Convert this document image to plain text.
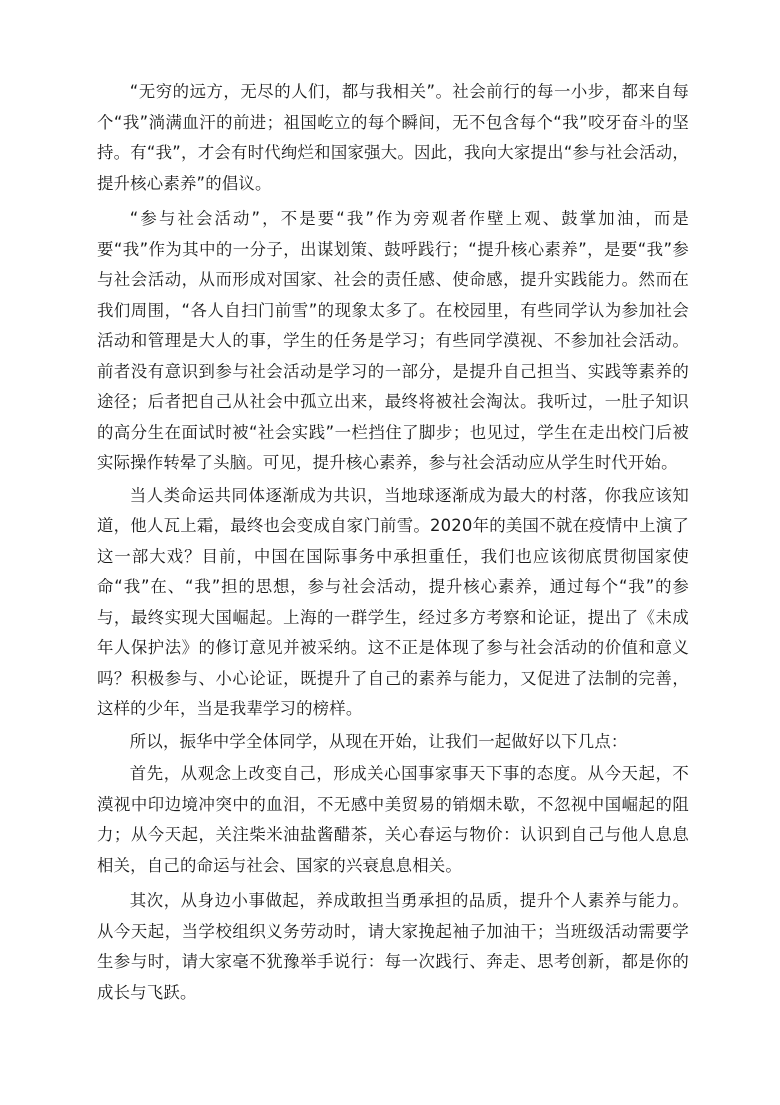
“无穷的远方，无尽的人们，都与我相关”。社会前行的每一小步，都来自每个“我”淌满血汗的前进；祖国屹立的每个瞬间，无不包含每个“我”咬牙奋斗的坚持。有“我”，才会有时代绚烂和国家强大。因此，我向大家提出“参与社会活动，提升核心素养”的倡议。

“参与社会活动”，不是要“我”作为旁观者作壁上观、鼓掌加油，而是要“我”作为其中的一分子，出谋划策、鼓呼践行；“提升核心素养”，是要“我”参与社会活动，从而形成对国家、社会的责任感、使命感，提升实践能力。然而在我们周围，“各人自扫门前雪”的现象太多了。在校园里，有些同学认为参加社会活动和管理是大人的事，学生的任务是学习；有些同学漠视、不参加社会活动。前者没有意识到参与社会活动是学习的一部分，是提升自己担当、实践等素养的途径；后者把自己从社会中孤立出来，最终将被社会淘汰。我听过，一肚子知识的高分生在面试时被“社会实践”一栏挡住了脚步；也见过，学生在走出校门后被实际操作转晕了头脑。可见，提升核心素养，参与社会活动应从学生时代开始。

当人类命运共同体逐渐成为共识，当地球逐渐成为最大的村落，你我应该知道，他人瓦上霜，最终也会变成自家门前雪。2020年的美国不就在疫情中上演了这一部大戏？目前，中国在国际事务中承担重任，我们也应该彻底贯彻国家使命“我”在、“我”担的思想，参与社会活动，提升核心素养，通过每个“我”的参与，最终实现大国崛起。上海的一群学生，经过多方考察和论证，提出了《未成年人保护法》的修订意见并被采纳。这不正是体现了参与社会活动的价值和意义吗？积极参与、小心论证，既提升了自己的素养与能力，又促进了法制的完善，这样的少年，当是我辈学习的榜样。

所以，振华中学全体同学，从现在开始，让我们一起做好以下几点：

首先，从观念上改变自己，形成关心国事家事天下事的态度。从今天起，不漠视中印边境冲突中的血泪，不无感中美贸易的销烟未歇，不忽视中国崛起的阻力；从今天起，关注柴米油盐酱醋茶，关心春运与物价：认识到自己与他人息息相关，自己的命运与社会、国家的兴衰息息相关。

其次，从身边小事做起，养成敢担当勇承担的品质，提升个人素养与能力。从今天起，当学校组织义务劳动时，请大家挽起袖子加油干；当班级活动需要学生参与时，请大家毫不犹豫举手说行：每一次践行、奔走、思考创新，都是你的成长与飞跃。
